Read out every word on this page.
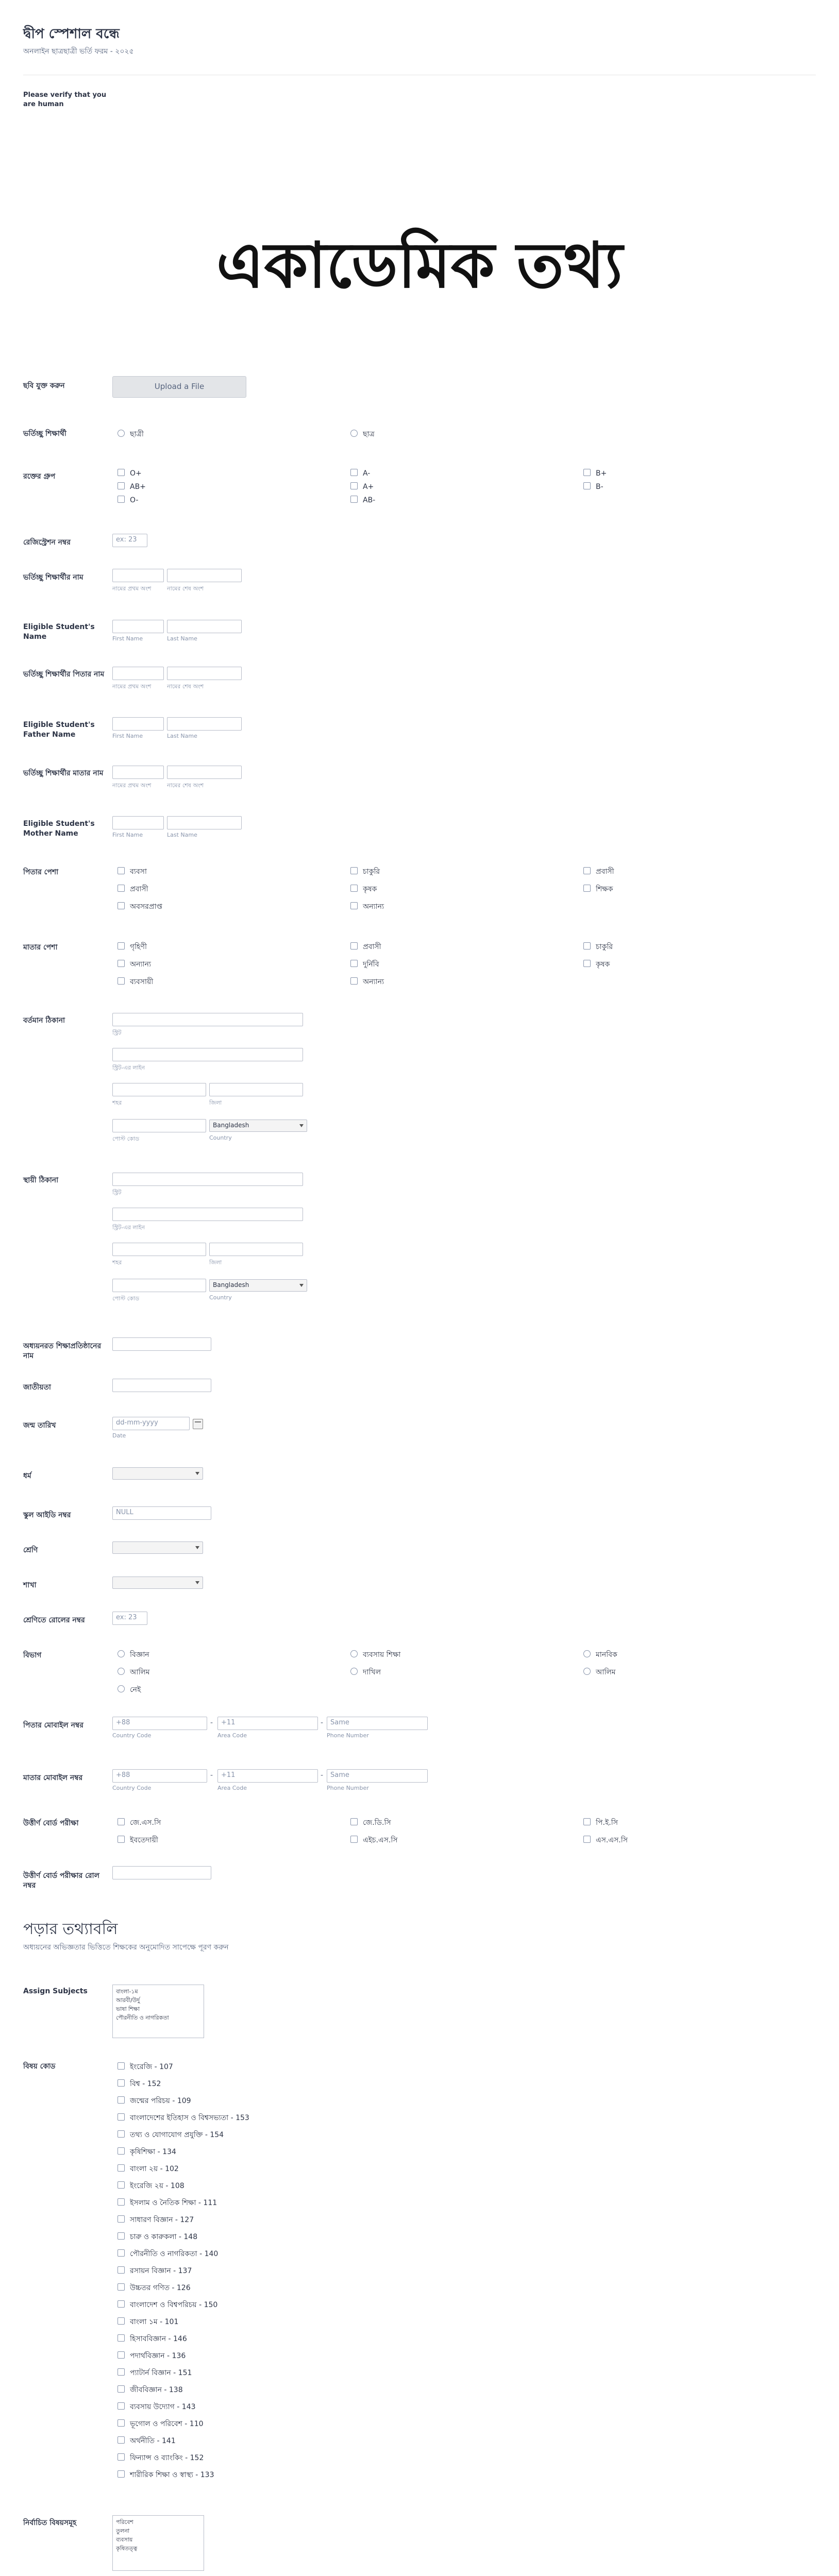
দ্বীপ স্পেশাল বন্ধে
অনলাইন ছাত্রছাত্রী ভর্তি ফরম - ২০২৫
Please verify that you are human
একাডেমিক তথ্য
ছবি যুক্ত করুন	Upload a File
ভর্তিচ্ছু শিক্ষার্থী	ছাত্রী	ছাত্র
রক্তের গ্রুপ	O+	A-	B+
AB+	A+	B-
O-	AB-
রেজিস্ট্রেশন নম্বর	ex: 23
ভর্তিচ্ছু শিক্ষার্থীর নাম
নামের প্রথম অংশ	নামের শেষ অংশ
Eligible Student's Name	First Name	Last Name
ভর্তিচ্ছু শিক্ষার্থীর পিতার নাম
নামের প্রথম অংশ	নামের শেষ অংশ
Eligible Student's Father Name	First Name	Last Name
ভর্তিচ্ছু শিক্ষার্থীর মাতার নাম
নামের প্রথম অংশ	নামের শেষ অংশ
Eligible Student's Mother Name	First Name	Last Name
পিতার পেশা	ব্যবসা	চাকুরি	প্রবাসী
প্রবাসী	কৃষক	শিক্ষক
অবসরপ্রাপ্ত	অন্যান্য
মাতার পেশা	গৃহিণী	প্রবাসী	চাকুরি
অন্যান্য	দুর্নিবি	কৃষক
ব্যবসায়ী	অন্যান্য
বর্তমান ঠিকানা
স্ট্রিট
স্ট্রিট-এর লাইন
শহর	জিলা
Bangladesh
পোস্ট কোড	Country
স্থায়ী ঠিকানা
স্ট্রিট
স্ট্রিট-এর লাইন
শহর	জিলা
Bangladesh
পোস্ট কোড	Country
অধ্যয়নরত শিক্ষাপ্রতিষ্ঠানের নাম
জাতীয়তা
জন্ম তারিখ	dd-mm-yyyy
Date
ধর্ম
স্কুল আইডি নম্বর	NULL
শ্রেণি
শাখা
শ্রেণিতে রোলের নম্বর	ex: 23
বিভাগ	বিজ্ঞান	ব্যবসায় শিক্ষা	মানবিক
আলিম	দাখিল	আলিম
নেই
পিতার মোবাইল নম্বর	+88	-	+11	-	Same
Country Code	Area Code	Phone Number
মাতার মোবাইল নম্বর	+88	-	+11	-	Same
Country Code	Area Code	Phone Number
উত্তীর্ণ বোর্ড পরীক্ষা	জে.এস.সি	জে.ডি.সি	পি.ই.সি
ইবতেদায়ী	এইচ.এস.সি	এস.এস.সি
উত্তীর্ণ বোর্ড পরীক্ষার রোল নম্বর
পড়ার তথ্যাবলি
অধ্যয়নের অভিজ্ঞতার ভিত্তিতে শিক্ষকের অনুমোদিত সাপেক্ষে পূরণ করুন
Assign Subjects	বাংলা-১ম
আরবী/উর্দু
ভাষা শিক্ষা
পৌরনীতি ও নাগরিকতা
বিষয় কোড	ইংরেজি - 107
বিশ্ব - 152
জন্মের পরিচয় - 109
বাংলাদেশের ইতিহাস ও বিশ্বসভ্যতা - 153
তথ্য ও যোগাযোগ প্রযুক্তি - 154
কৃষিশিক্ষা - 134
বাংলা ২য় - 102
ইংরেজি ২য় - 108
ইসলাম ও নৈতিক শিক্ষা - 111
সাধারণ বিজ্ঞান - 127
চারু ও কারুকলা - 148
পৌরনীতি ও নাগরিকতা - 140
রসায়ন বিজ্ঞান - 137
উচ্চতর গণিত - 126
বাংলাদেশ ও বিশ্বপরিচয় - 150
বাংলা ১ম - 101
হিসাববিজ্ঞান - 146
পদার্থবিজ্ঞান - 136
প্যাটার্ন বিজ্ঞান - 151
জীববিজ্ঞান - 138
ব্যবসায় উদ্যোগ - 143
ভূগোল ও পরিবেশ - 110
অর্থনীতি - 141
ফিন্যান্স ও ব্যাংকিং - 152
শারীরিক শিক্ষা ও স্বাস্থ্য - 133
নির্বাচিত বিষয়সমূহ	পরিবেশ
তুলনা
ব্যবসায়
কৃষিতত্ত্ব
